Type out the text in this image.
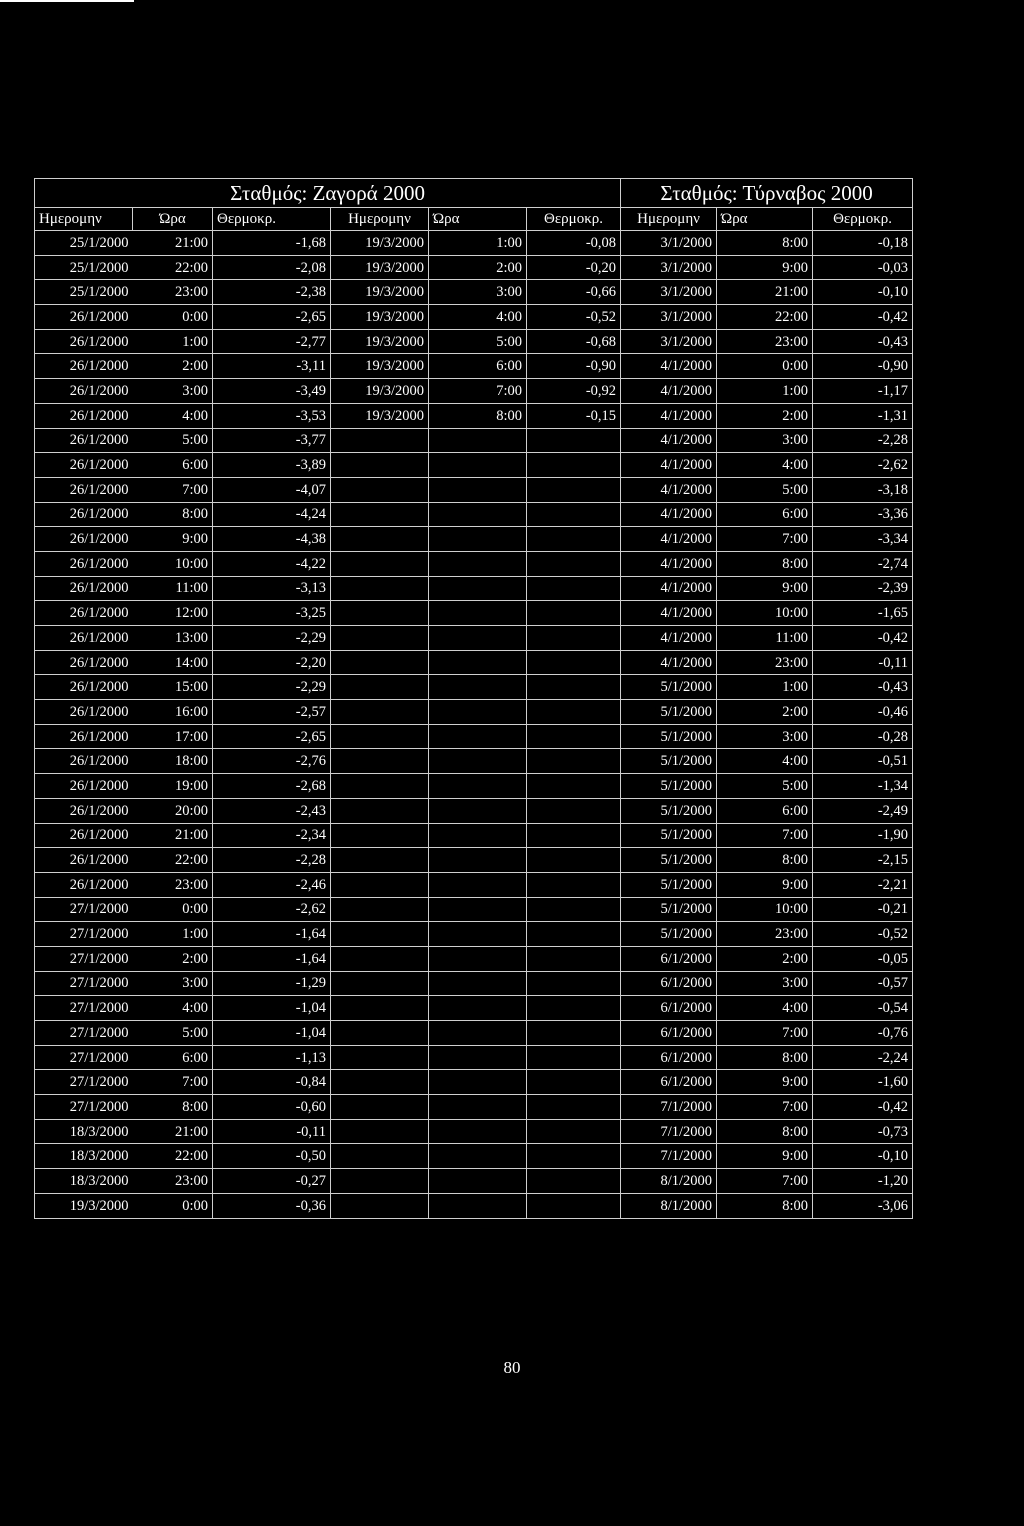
Σταθμός: Ζαγορά 2000						Σταθμός: Τύρναβος 2000		
Ημερομην	Ώρα	Θερμοκρ.	Ημερομην	Ώρα	Θερμοκρ.	Ημερομην	Ώρα	Θερμοκρ.
25/1/2000	21:00	-1,68	19/3/2000	1:00	-0,08	3/1/2000	8:00	-0,18
25/1/2000	22:00	-2,08	19/3/2000	2:00	-0,20	3/1/2000	9:00	-0,03
25/1/2000	23:00	-2,38	19/3/2000	3:00	-0,66	3/1/2000	21:00	-0,10
26/1/2000	0:00	-2,65	19/3/2000	4:00	-0,52	3/1/2000	22:00	-0,42
26/1/2000	1:00	-2,77	19/3/2000	5:00	-0,68	3/1/2000	23:00	-0,43
26/1/2000	2:00	-3,11	19/3/2000	6:00	-0,90	4/1/2000	0:00	-0,90
26/1/2000	3:00	-3,49	19/3/2000	7:00	-0,92	4/1/2000	1:00	-1,17
26/1/2000	4:00	-3,53	19/3/2000	8:00	-0,15	4/1/2000	2:00	-1,31
26/1/2000	5:00	-3,77				4/1/2000	3:00	-2,28
26/1/2000	6:00	-3,89				4/1/2000	4:00	-2,62
26/1/2000	7:00	-4,07				4/1/2000	5:00	-3,18
26/1/2000	8:00	-4,24				4/1/2000	6:00	-3,36
26/1/2000	9:00	-4,38				4/1/2000	7:00	-3,34
26/1/2000	10:00	-4,22				4/1/2000	8:00	-2,74
26/1/2000	11:00	-3,13				4/1/2000	9:00	-2,39
26/1/2000	12:00	-3,25				4/1/2000	10:00	-1,65
26/1/2000	13:00	-2,29				4/1/2000	11:00	-0,42
26/1/2000	14:00	-2,20				4/1/2000	23:00	-0,11
26/1/2000	15:00	-2,29				5/1/2000	1:00	-0,43
26/1/2000	16:00	-2,57				5/1/2000	2:00	-0,46
26/1/2000	17:00	-2,65				5/1/2000	3:00	-0,28
26/1/2000	18:00	-2,76				5/1/2000	4:00	-0,51
26/1/2000	19:00	-2,68				5/1/2000	5:00	-1,34
26/1/2000	20:00	-2,43				5/1/2000	6:00	-2,49
26/1/2000	21:00	-2,34				5/1/2000	7:00	-1,90
26/1/2000	22:00	-2,28				5/1/2000	8:00	-2,15
26/1/2000	23:00	-2,46				5/1/2000	9:00	-2,21
27/1/2000	0:00	-2,62				5/1/2000	10:00	-0,21
27/1/2000	1:00	-1,64				5/1/2000	23:00	-0,52
27/1/2000	2:00	-1,64				6/1/2000	2:00	-0,05
27/1/2000	3:00	-1,29				6/1/2000	3:00	-0,57
27/1/2000	4:00	-1,04				6/1/2000	4:00	-0,54
27/1/2000	5:00	-1,04				6/1/2000	7:00	-0,76
27/1/2000	6:00	-1,13				6/1/2000	8:00	-2,24
27/1/2000	7:00	-0,84				6/1/2000	9:00	-1,60
27/1/2000	8:00	-0,60				7/1/2000	7:00	-0,42
18/3/2000	21:00	-0,11				7/1/2000	8:00	-0,73
18/3/2000	22:00	-0,50				7/1/2000	9:00	-0,10
18/3/2000	23:00	-0,27				8/1/2000	7:00	-1,20
19/3/2000	0:00	-0,36				8/1/2000	8:00	-3,06
80
